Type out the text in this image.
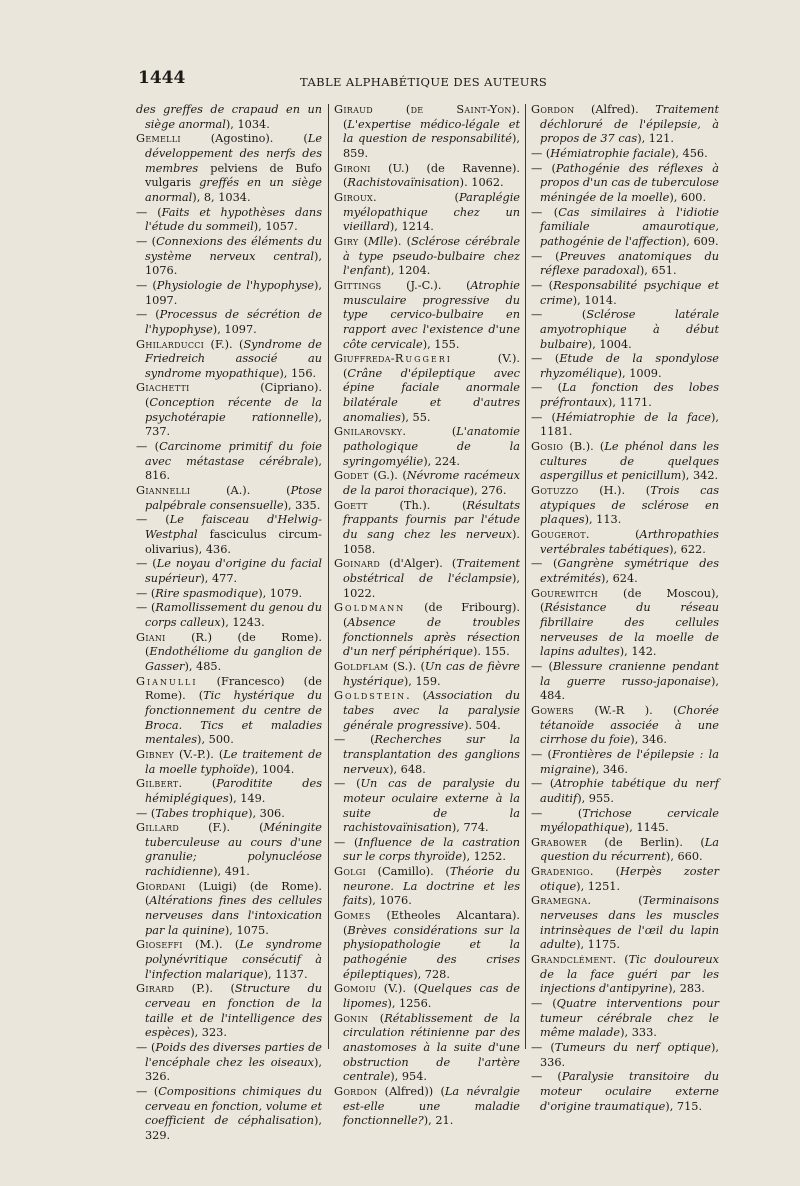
1444	TABLE ALPHABÉTIQUE DES AUTEURS

des greffes de crapaud en un siège anormal), 1034.

Gemelli (Agostino). (Le développement des nerfs des membres pelviens de Bufo vulgaris greffés en un siège anormal), 8, 1034.

— (Faits et hypothèses dans l'étude du sommeil), 1057.

— (Connexions des éléments du système nerveux central), 1076.

— (Physiologie de l'hypophyse), 1097.

— (Processus de sécrétion de l'hypophyse), 1097.

Ghilarducci (F.). (Syndrome de Friedreich associé au syndrome myopathique), 156.

Giachetti (Cipriano). (Conception récente de la psychotérapie rationnelle), 737.

— (Carcinome primitif du foie avec métastase cérébrale), 816.

Giannelli (A.). (Ptose palpébrale consensuelle), 335.

— (Le faisceau d'Helwig-Westphal fasciculus circum-olivarius), 436.

— (Le noyau d'origine du facial supérieur), 477.

— (Rire spasmodique), 1079.

— (Ramollissement du genou du corps calleux), 1243.

Giani (R.) (de Rome). (Endothéliome du ganglion de Gasser), 485.

Gianulli (Francesco) (de Rome). (Tic hystérique du fonctionnement du centre de Broca. Tics et maladies mentales), 500.

Gibney (V.-P.). (Le traitement de la moelle typhoïde), 1004.

Gilbert. (Paroditite des hémiplégiques), 149.

— (Tabes trophique), 306.

Gillard (F.). (Méningite tuberculeuse au cours d'une granulie; polynucléose rachidienne), 491.

Giordani (Luigi) (de Rome). (Altérations fines des cellules nerveuses dans l'intoxication par la quinine), 1075.

Gioseffi (M.). (Le syndrome polynévritique consécutif à l'infection malarique), 1137.

Girard (P.). (Structure du cerveau en fonction de la taille et de l'intelligence des espèces), 323.

— (Poids des diverses parties de l'encéphale chez les oiseaux), 326.

— (Compositions chimiques du cerveau en fonction, volume et coefficient de céphalisation), 329.

Giraud (de Saint-Yon). (L'expertise médico-légale et la question de responsabilité), 859.

Gironi (U.) (de Ravenne). (Rachistovaïnisation). 1062.

Giroux. (Paraplégie myélopathique chez un vieillard), 1214.

Giry (Mlle). (Sclérose cérébrale à type pseudo-bulbaire chez l'enfant), 1204.

Gittings (J.-C.). (Atrophie musculaire progressive du type cervico-bulbaire en rapport avec l'existence d'une côte cervicale), 155.

Giuffreda-Ruggeri (V.). (Crâne d'épileptique avec épine faciale anormale bilatérale et d'autres anomalies), 55.

Gnilarovsky. (L'anatomie pathologique de la syringomyélie), 224.

Godet (G.). (Névrome racémeux de la paroi thoracique), 276.

Goett (Th.). (Résultats frappants fournis par l'étude du sang chez les nerveux). 1058.

Goinard (d'Alger). (Traitement obstétrical de l'éclampsie), 1022.

Goldmann (de Fribourg). (Absence de troubles fonctionnels après résection d'un nerf périphérique). 155.

Goldflam (S.). (Un cas de fièvre hystérique), 159.

Goldstein. (Association du tabes avec la paralysie générale progressive). 504.

— (Recherches sur la transplantation des ganglions nerveux), 648.

— (Un cas de paralysie du moteur oculaire externe à la suite de la rachistovaïnisation), 774.

— (Influence de la castration sur le corps thyroïde), 1252.

Golgi (Camillo). (Théorie du neurone. La doctrine et les faits), 1076.

Gomes (Etheoles Alcantara). (Brèves considérations sur la physiopathologie et la pathogénie des crises épileptiques), 728.

Gomoiu (V.). (Quelques cas de lipomes), 1256.

Gonin (Rétablissement de la circulation rétinienne par des anastomoses à la suite d'une obstruction de l'artère centrale), 954.

Gordon (Alfred)) (La névralgie est-elle une maladie fonctionnelle?), 21.

Gordon (Alfred). Traitement déchloruré de l'épilepsie, à propos de 37 cas), 121.

— (Hémiatrophie faciale), 456.

— (Pathogénie des réflexes à propos d'un cas de tuberculose méningée de la moelle), 600.

— (Cas similaires à l'idiotie familiale amaurotique, pathogénie de l'affection), 609.

— (Preuves anatomiques du réflexe paradoxal), 651.

— (Responsabilité psychique et crime), 1014.

— (Sclérose latérale amyotrophique à début bulbaire), 1004.

— (Etude de la spondylose rhyzomélique), 1009.

— (La fonction des lobes préfrontaux), 1171.

— (Hémiatrophie de la face), 1181.

Gosio (B.). (Le phénol dans les cultures de quelques aspergillus et penicillum), 342.

Gotuzzo (H.). (Trois cas atypiques de sclérose en plaques), 113.

Gougerot. (Arthropathies vertébrales tabétiques), 622.

— (Gangrène symétrique des extrémités), 624.

Gourewitch (de Moscou), (Résistance du réseau fibrillaire des cellules nerveuses de la moelle de lapins adultes), 142.

— (Blessure cranienne pendant la guerre russo-japonaise), 484.

Gowers (W.-R ). (Chorée tétanoïde associée à une cirrhose du foie), 346.

— (Frontières de l'épilepsie : la migraine), 346.

— (Atrophie tabétique du nerf auditif), 955.

— (Trichose cervicale myélopathique), 1145.

Grabower (de Berlin). (La question du récurrent), 660.

Gradenigo. (Herpès zoster otique), 1251.

Gramegna. (Terminaisons nerveuses dans les muscles intrinsèques de l'œil du lapin adulte), 1175.

Grandclément. (Tic douloureux de la face guéri par les injections d'antipyrine), 283.

— (Quatre interventions pour tumeur cérébrale chez le même malade), 333.

— (Tumeurs du nerf optique), 336.

— (Paralysie transitoire du moteur oculaire externe d'origine traumatique), 715.
